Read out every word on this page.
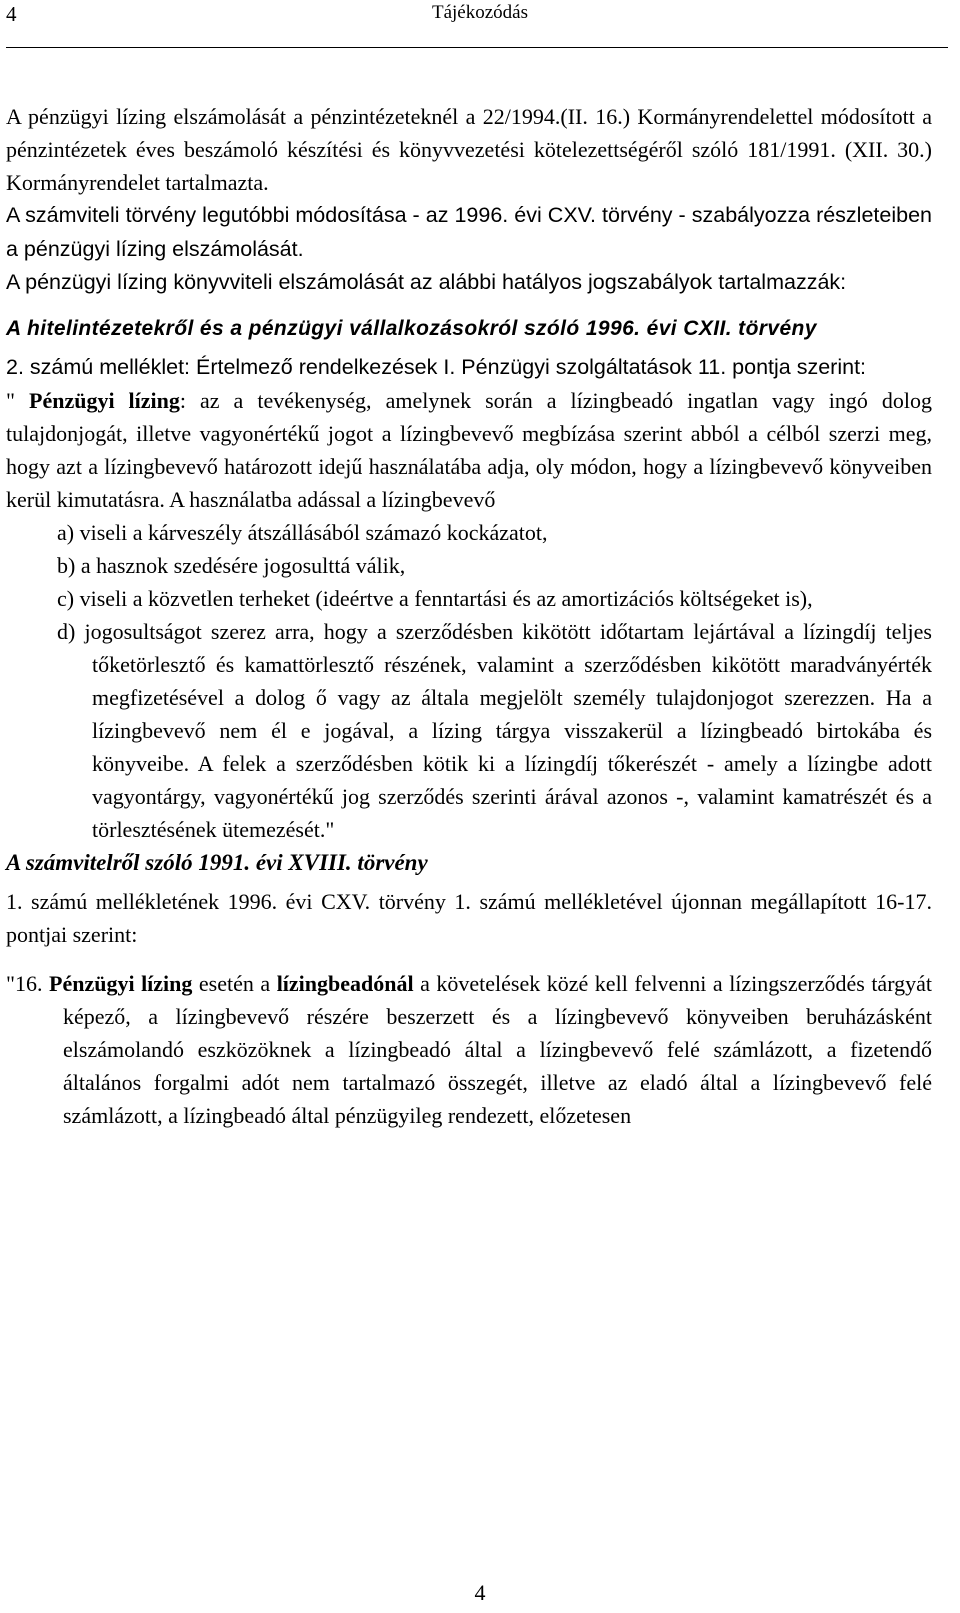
4	Tájékozódás

A pénzügyi lízing elszámolását a pénzintézeteknél a 22/1994.(II. 16.) Kormányrendelettel módosított a pénzintézetek éves beszámoló készítési és könyvvezetési kötelezettségéről szóló 181/1991. (XII. 30.) Kormányrendelet tartalmazta.

A számviteli törvény legutóbbi módosítása - az 1996. évi CXV. törvény - szabályozza részleteiben a pénzügyi lízing elszámolását.

A pénzügyi lízing könyvviteli elszámolását az alábbi hatályos jogszabályok tartalmazzák:

A hitelintézetekről és a pénzügyi vállalkozásokról szóló 1996. évi CXII. törvény

2. számú melléklet: Értelmező rendelkezések I. Pénzügyi szolgáltatások 11. pontja szerint:

" Pénzügyi lízing: az a tevékenység, amelynek során a lízingbeadó ingatlan vagy ingó dolog tulajdonjogát, illetve vagyonértékű jogot a lízingbevevő megbízása szerint abból a célból szerzi meg, hogy azt a lízingbevevő határozott idejű használatába adja, oly módon, hogy a lízingbevevő könyveiben kerül kimutatásra. A használatba adással a lízingbevevő

a) viseli a kárveszély átszállásából számazó kockázatot,
b) a hasznok szedésére jogosulttá válik,
c) viseli a közvetlen terheket (ideértve a fenntartási és az amortizációs költségeket is),
d) jogosultságot szerez arra, hogy a szerződésben kikötött időtartam lejártával a lízingdíj teljes tőketörlesztő és kamattörlesztő részének, valamint a szerződésben kikötött maradványérték megfizetésével a dolog ő vagy az általa megjelölt személy tulajdonjogot szerezzen. Ha a lízingbevevő nem él e jogával, a lízing tárgya visszakerül a lízingbeadó birtokába és könyveibe. A felek a szerződésben kötik ki a lízingdíj tőkerészét - amely a lízingbe adott vagyontárgy, vagyonértékű jog szerződés szerinti árával azonos -, valamint kamatrészét és a törlesztésének ütemezését."

A számvitelről szóló 1991. évi XVIII. törvény

1. számú mellékletének 1996. évi CXV. törvény 1. számú mellékletével újonnan megállapított 16-17. pontjai szerint:

"16. Pénzügyi lízing esetén a lízingbeadónál a követelések közé kell felvenni a lízingszerződés tárgyát képező, a lízingbevevő részére beszerzett és a lízingbevevő könyveiben beruházásként elszámolandó eszközöknek a lízingbeadó által a lízingbevevő felé számlázott, a fizetendő általános forgalmi adót nem tartalmazó összegét, illetve az eladó által a lízingbevevő felé számlázott, a lízingbeadó által pénzügyileg rendezett, előzetesen

4
